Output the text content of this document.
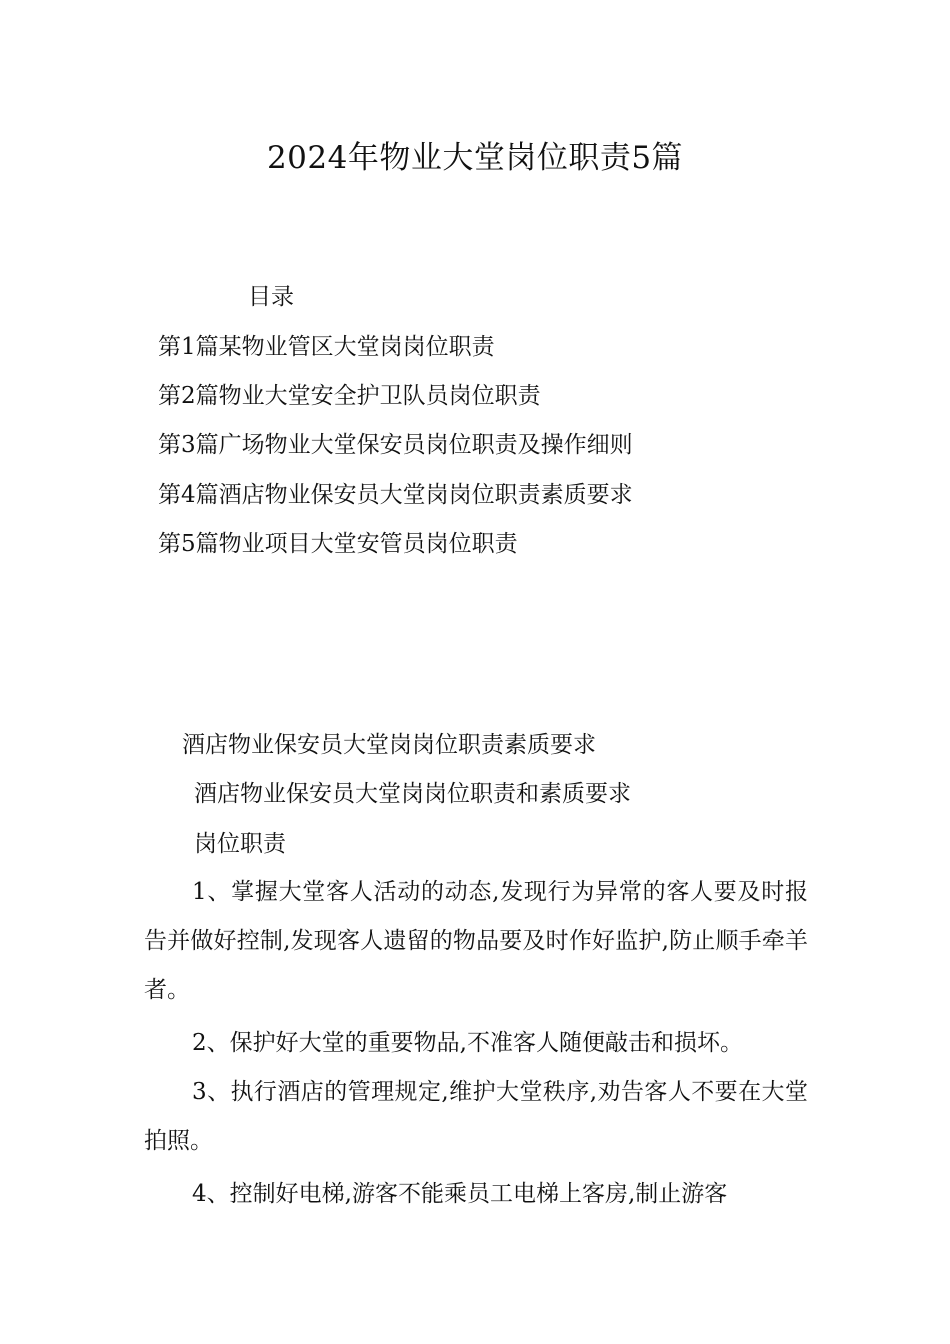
2024年物业大堂岗位职责5篇
目录
第1篇某物业管区大堂岗岗位职责
第2篇物业大堂安全护卫队员岗位职责
第3篇广场物业大堂保安员岗位职责及操作细则
第4篇酒店物业保安员大堂岗岗位职责素质要求
第5篇物业项目大堂安管员岗位职责
酒店物业保安员大堂岗岗位职责素质要求
酒店物业保安员大堂岗岗位职责和素质要求
岗位职责
1、掌握大堂客人活动的动态,发现行为异常的客人要及时报告并做好控制,发现客人遗留的物品要及时作好监护,防止顺手牵羊者。
2、保护好大堂的重要物品,不准客人随便敲击和损坏。
3、执行酒店的管理规定,维护大堂秩序,劝告客人不要在大堂拍照。
4、控制好电梯,游客不能乘员工电梯上客房,制止游客
